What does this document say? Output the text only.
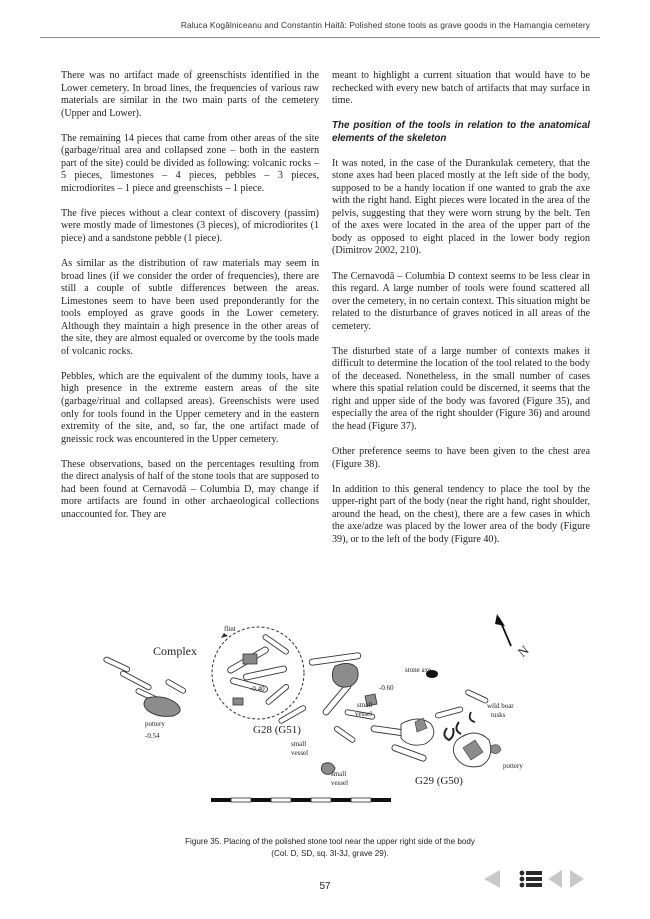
Raluca Kogălniceanu and Constantin Haită: Polished stone tools as grave goods in the Hamangia cemetery

There was no artifact made of greenschists identified in the Lower cemetery. In broad lines, the frequencies of various raw materials are similar in the two main parts of the cemetery (Upper and Lower).

The remaining 14 pieces that came from other areas of the site (garbage/ritual area and collapsed zone – both in the eastern part of the site) could be divided as following: volcanic rocks – 5 pieces, limestones – 4 pieces, pebbles – 3 pieces, microdiorites – 1 piece and greenschists – 1 piece.

The five pieces without a clear context of discovery (passim) were mostly made of limestones (3 pieces), of microdiorites (1 piece) and a sandstone pebble (1 piece).

As similar as the distribution of raw materials may seem in broad lines (if we consider the order of frequencies), there are still a couple of subtle differences between the areas. Limestones seem to have been used preponderantly for the tools employed as grave goods in the Lower cemetery. Although they maintain a high presence in the other areas of the site, they are almost equaled or overcome by the tools made of volcanic rocks.

Pebbles, which are the equivalent of the dummy tools, have a high presence in the extreme eastern areas of the site (garbage/ritual and collapsed areas). Greenschists were used only for tools found in the Upper cemetery and in the eastern extremity of the site, and, so far, the one artifact made of gneissic rock was encountered in the Upper cemetery.

These observations, based on the percentages resulting from the direct analysis of half of the stone tools that are supposed to had been found at Cernavodă – Columbia D, may change if more artifacts are found in other archaeological collections unaccounted for. They are

meant to highlight a current situation that would have to be rechecked with every new batch of artifacts that may surface in time.

The position of the tools in relation to the anatomical elements of the skeleton

It was noted, in the case of the Durankulak cemetery, that the stone axes had been placed mostly at the left side of the body, supposed to be a handy location if one wanted to grab the axe with the right hand. Eight pieces were located in the area of the pelvis, suggesting that they were worn strung by the belt. Ten of the axes were located in the area of the upper part of the body as opposed to eight placed in the lower body region (Dimitrov 2002, 210).

The Cernavodă – Columbia D context seems to be less clear in this regard. A large number of tools were found scattered all over the cemetery, in no certain context. This situation might be related to the disturbance of graves noticed in all areas of the cemetery.

The disturbed state of a large number of contexts makes it difficult to determine the location of the tool related to the body of the deceased. Nonetheless, in the small number of cases where this spatial relation could be discerned, it seems that the right and upper side of the body was favored (Figure 35), and especially the area of the right shoulder (Figure 36) and around the head (Figure 37).

Other preference seems to have been given to the chest area (Figure 38).

In addition to this general tendency to place the tool by the upper-right part of the body (near the right hand, right shoulder, around the head, on the chest), there are a few cases in which the axe/adze was placed by the lower area of the body (Figure 39), or to the left of the body (Figure 40).

N
Complex
flint
-0.40
pottery
-0.54	G28 (G51)
small
vessel
-0.60
small
vessel
small
vessel
stone axe
wild boar
tusks
pottery
G29 (G50)
Figure 35. Placing of the polished stone tool near the upper right side of the body
(Col. D, SD, sq. 3I-3J, grave 29).
57
